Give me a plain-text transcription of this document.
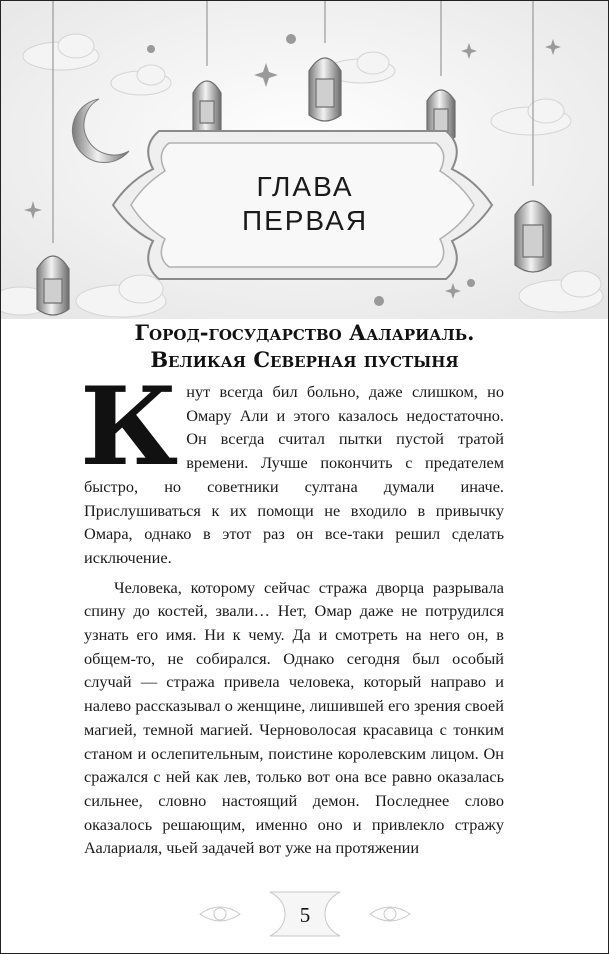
ГЛАВА
ПЕРВАЯ
Город-государство Аалариаль.
Великая Северная пустыня

Кнут всегда бил больно, даже слишком, но Омару Али и этого казалось недостаточно. Он всегда считал пытки пустой тратой времени. Лучше покончить с предателем быстро, но советники султана думали иначе. Прислушиваться к их помощи не входило в привычку Омара, однако в этот раз он все-таки решил сделать исключение.

Человека, которому сейчас стража дворца разрывала спину до костей, звали… Нет, Омар даже не потрудился узнать его имя. Ни к чему. Да и смотреть на него он, в общем-то, не собирался. Однако сегодня был особый случай — стража привела человека, который направо и налево рассказывал о женщине, лишившей его зрения своей магией, темной магией. Черноволосая красавица с тонким станом и ослепительным, поистине королевским лицом. Он сражался с ней как лев, только вот она все равно оказалась сильнее, словно настоящий демон. Последнее слово оказалось решающим, именно оно и привлекло стражу Аалариаля, чьей задачей вот уже на протяжении

5
